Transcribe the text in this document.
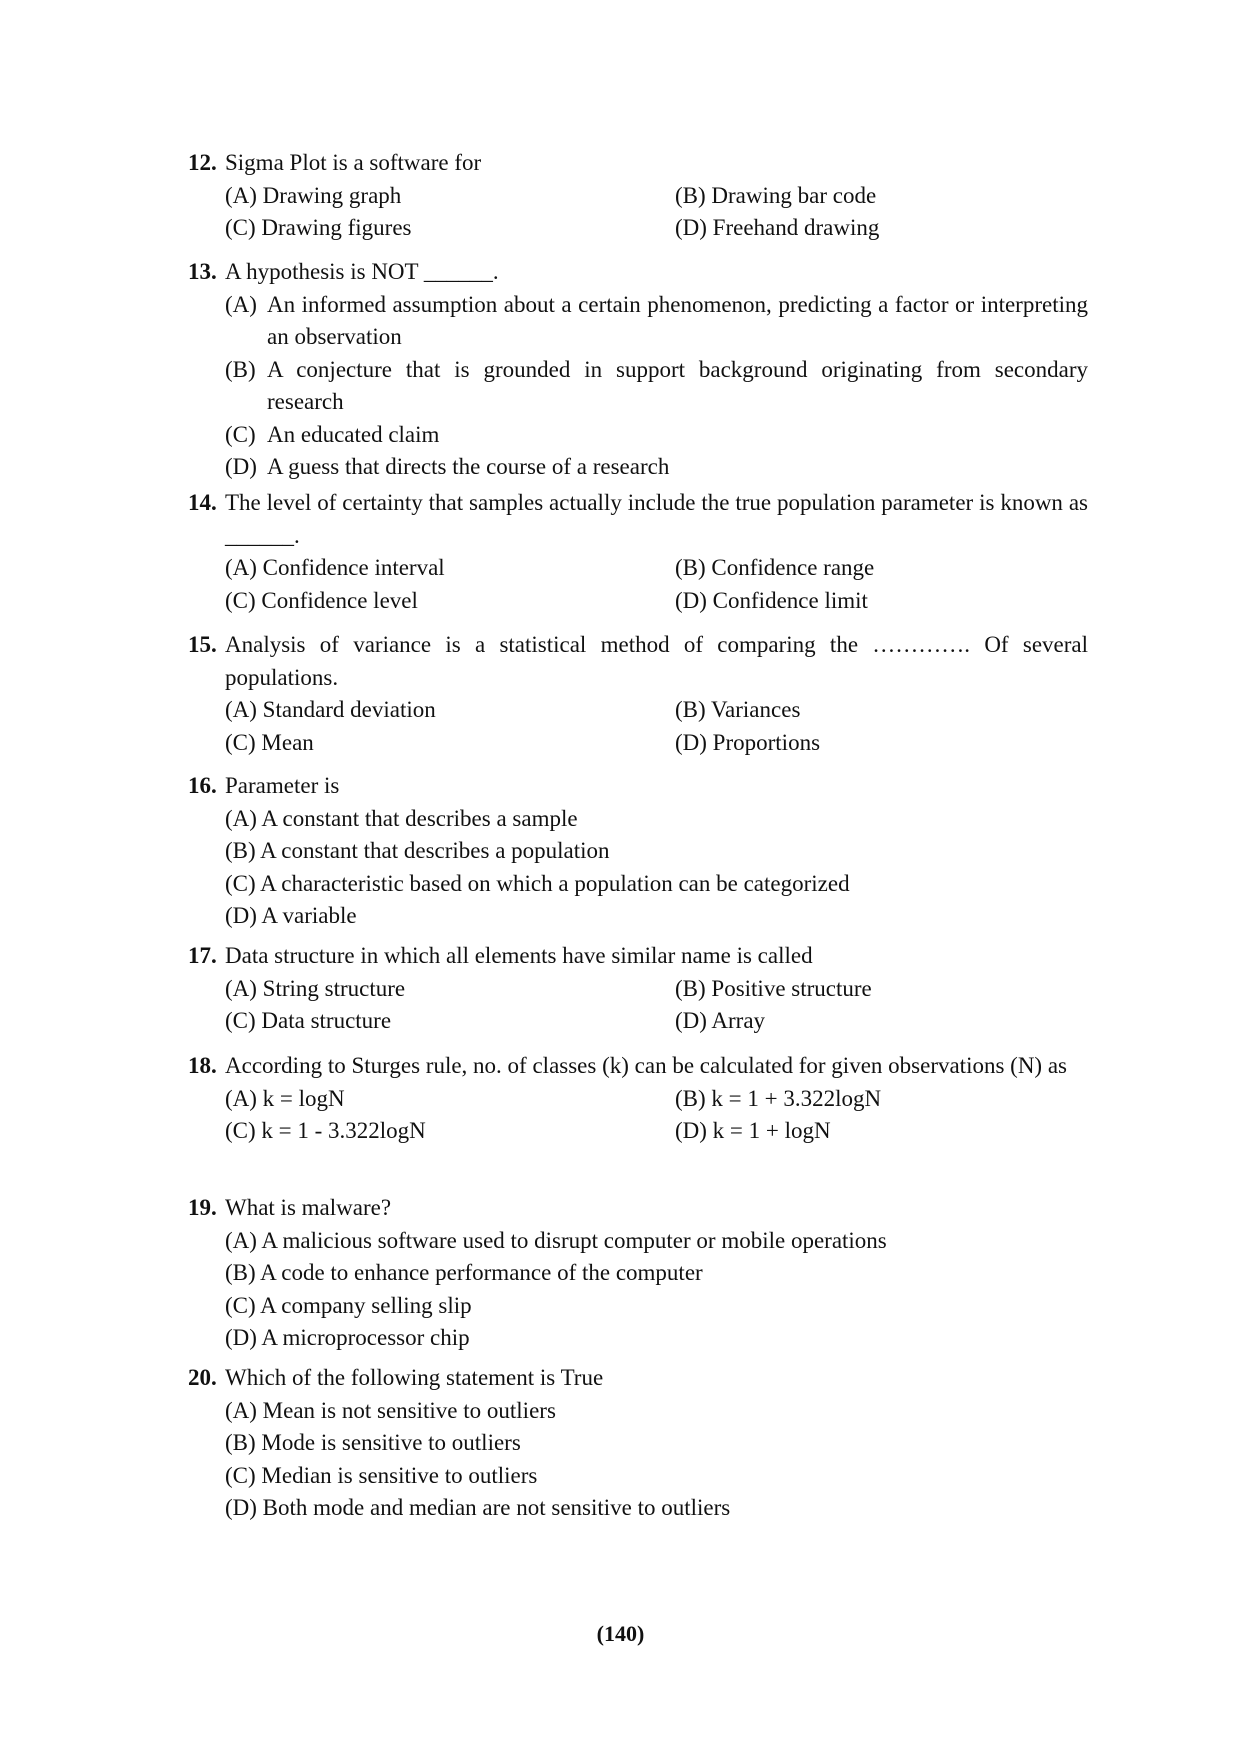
12. Sigma Plot is a software for
(A) Drawing graph	(B) Drawing bar code
(C) Drawing figures	(D) Freehand drawing
13. A hypothesis is NOT ______.
(A) An informed assumption about a certain phenomenon, predicting a factor or interpreting an observation
(B) A conjecture that is grounded in support background originating from secondary research
(C) An educated claim
(D) A guess that directs the course of a research
14. The level of certainty that samples actually include the true population parameter is known as ______.
(A) Confidence interval	(B) Confidence range
(C) Confidence level	(D) Confidence limit
15. Analysis of variance is a statistical method of comparing the …………. Of several populations.
(A) Standard deviation	(B) Variances
(C) Mean	(D) Proportions
16. Parameter is
(A) A constant that describes a sample
(B) A constant that describes a population
(C) A characteristic based on which a population can be categorized
(D) A variable
17. Data structure in which all elements have similar name is called
(A) String structure	(B) Positive structure
(C) Data structure	(D) Array
18. According to Sturges rule, no. of classes (k) can be calculated for given observations (N) as
(A) k = logN	(B) k = 1 + 3.322logN
(C) k = 1 - 3.322logN	(D) k = 1 + logN
19. What is malware?
(A) A malicious software used to disrupt computer or mobile operations
(B) A code to enhance performance of the computer
(C) A company selling slip
(D) A microprocessor chip
20. Which of the following statement is True
(A) Mean is not sensitive to outliers
(B) Mode is sensitive to outliers
(C) Median is sensitive to outliers
(D) Both mode and median are not sensitive to outliers
(140)
